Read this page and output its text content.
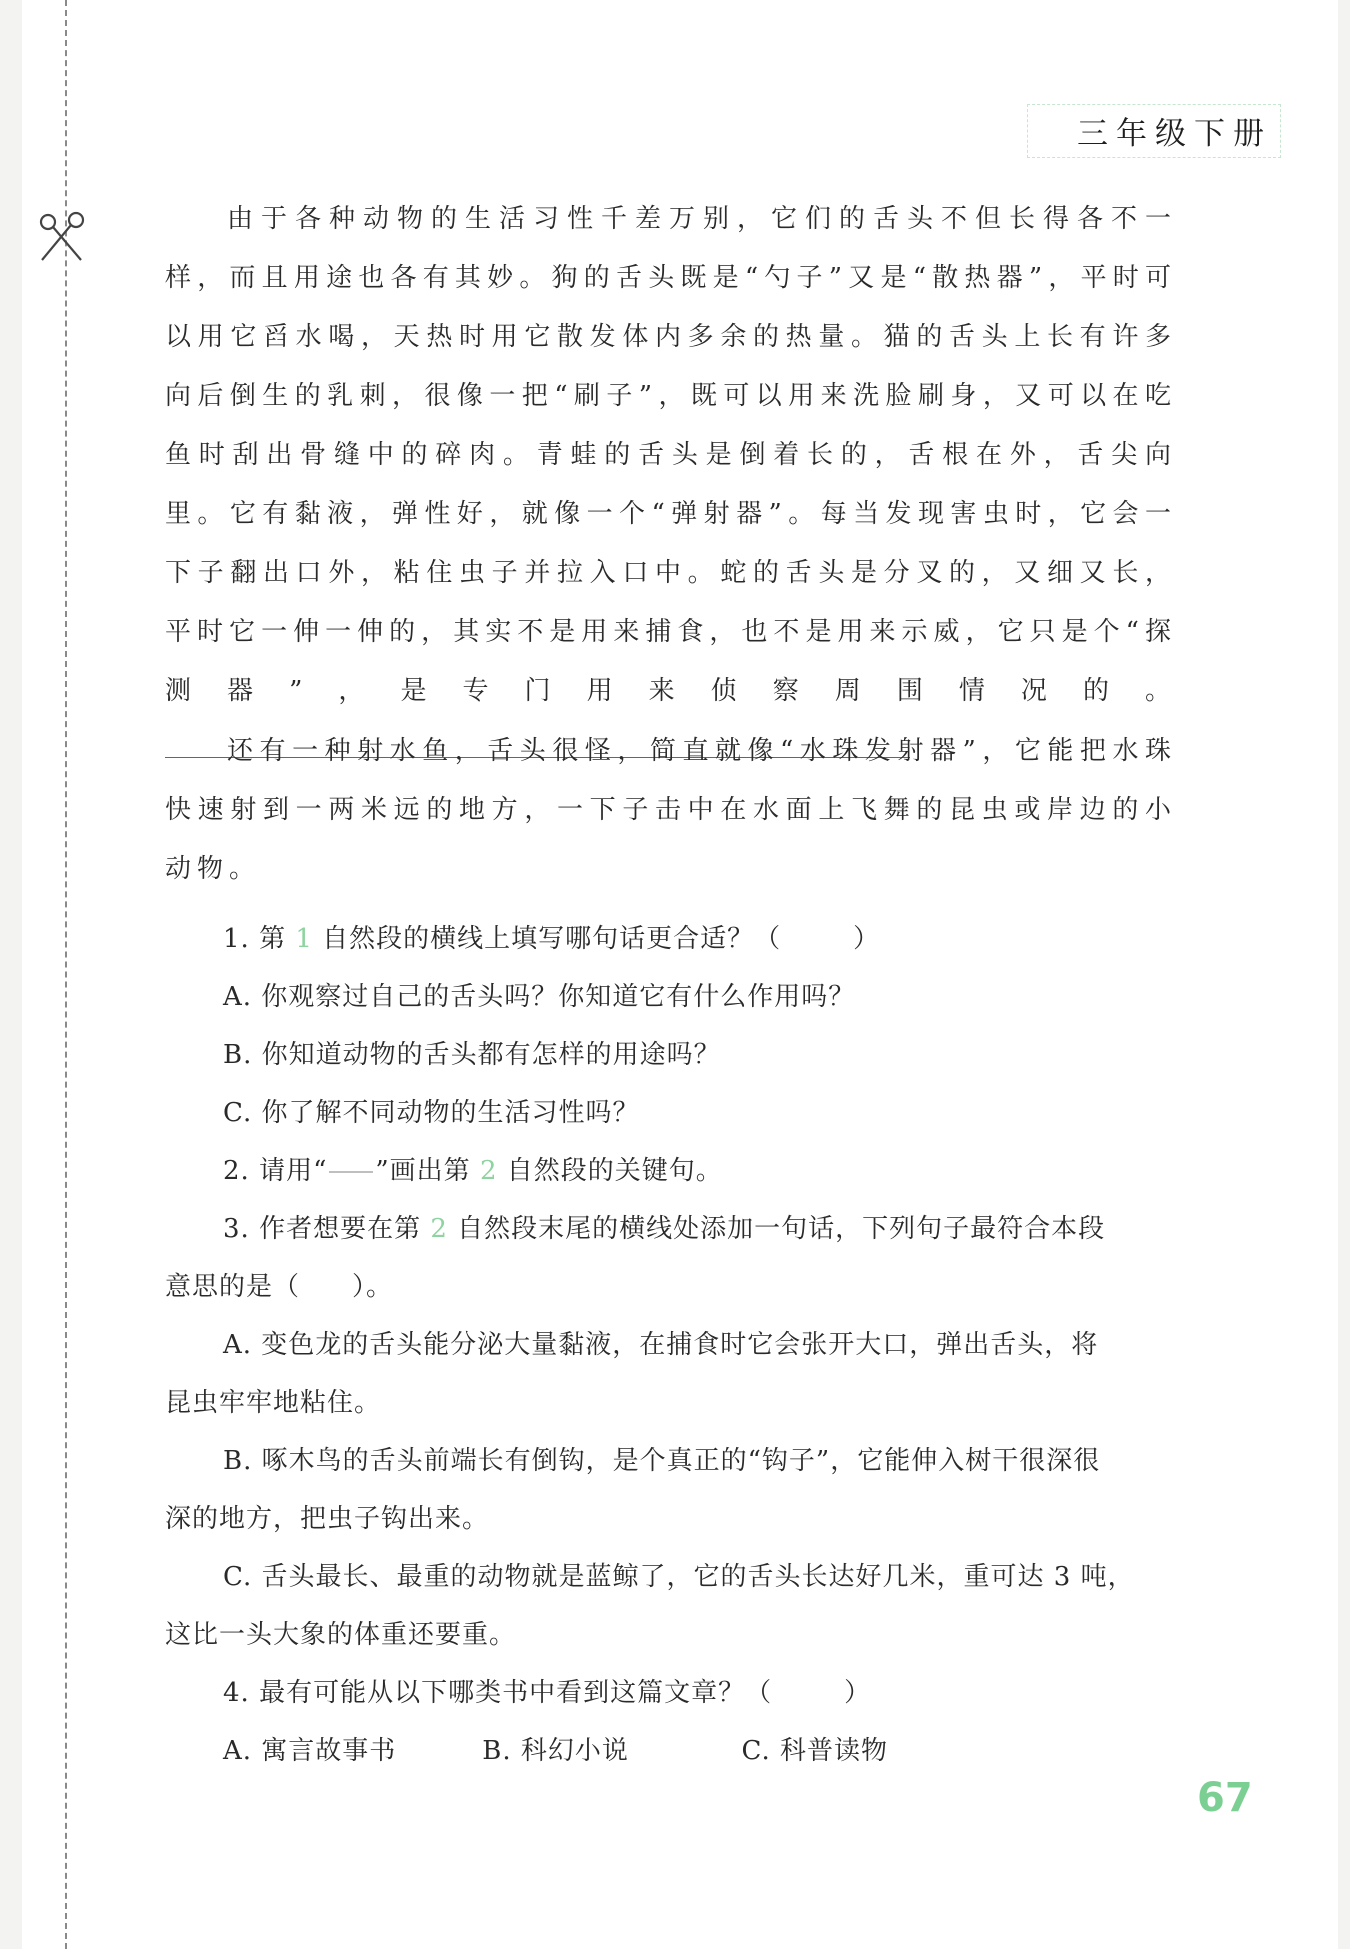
三年级下册
由于各种动物的生活习性千差万别，它们的舌头不但长得各不一样，而且用途也各有其妙。狗的舌头既是“勺子”又是“散热器”，平时可以用它舀水喝，天热时用它散发体内多余的热量。猫的舌头上长有许多向后倒生的乳刺，很像一把“刷子”，既可以用来洗脸刷身，又可以在吃鱼时刮出骨缝中的碎肉。青蛙的舌头是倒着长的，舌根在外，舌尖向里。它有黏液，弹性好，就像一个“弹射器”。每当发现害虫时，它会一下子翻出口外，粘住虫子并拉入口中。蛇的舌头是分叉的，又细又长，平时它一伸一伸的，其实不是用来捕食，也不是用来示威，它只是个“探测器”，是专门用来侦察周围情况的。
还有一种射水鱼，舌头很怪，简直就像“水珠发射器”，它能把水珠快速射到一两米远的地方，一下子击中在水面上飞舞的昆虫或岸边的小动物。
1. 第 1 自然段的横线上填写哪句话更合适？（	）
A. 你观察过自己的舌头吗？你知道它有什么作用吗？
B. 你知道动物的舌头都有怎样的用途吗？
C. 你了解不同动物的生活习性吗？
2. 请用“ ”画出第 2 自然段的关键句。
3. 作者想要在第 2 自然段末尾的横线处添加一句话，下列句子最符合本段
意思的是（ ）。
A. 变色龙的舌头能分泌大量黏液，在捕食时它会张开大口，弹出舌头，将
昆虫牢牢地粘住。
B. 啄木鸟的舌头前端长有倒钩，是个真正的“钩子”，它能伸入树干很深很
深的地方，把虫子钩出来。
C. 舌头最长、最重的动物就是蓝鲸了，它的舌头长达好几米，重可达 3 吨，
这比一头大象的体重还要重。
4. 最有可能从以下哪类书中看到这篇文章？（	）
A. 寓言故事书	B. 科幻小说	C. 科普读物
67
